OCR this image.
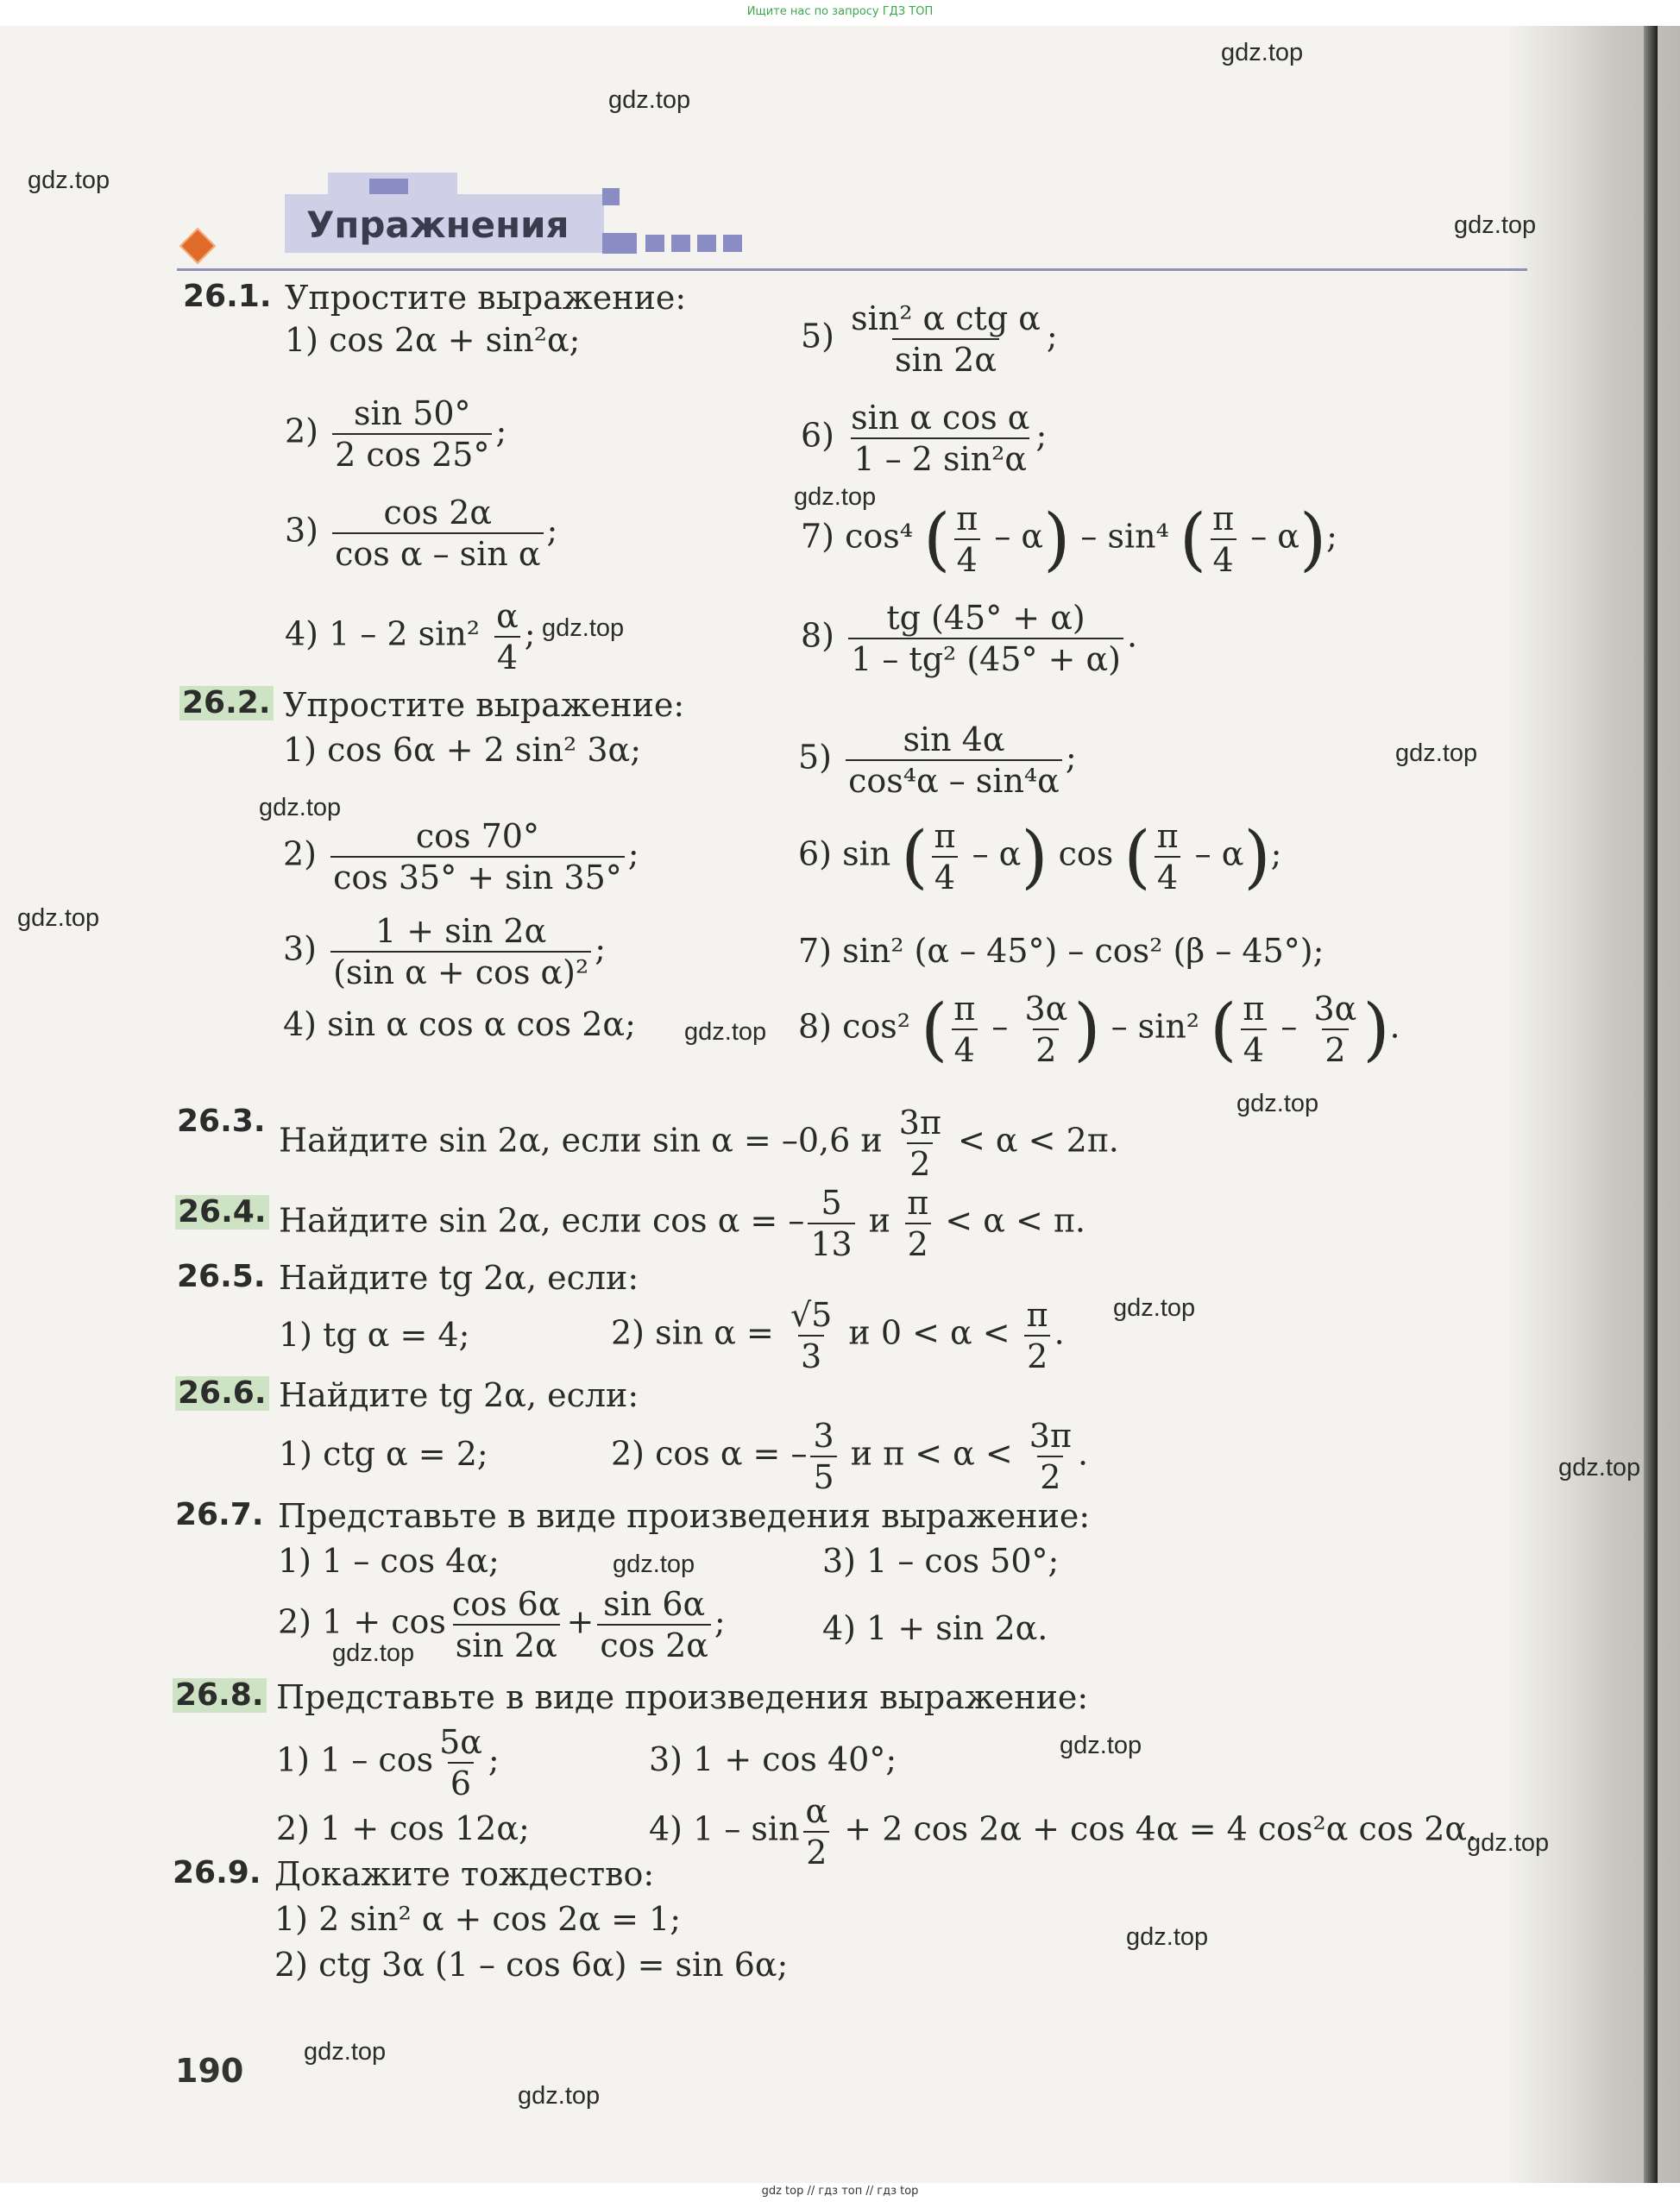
Ищите нас по запросу ГДЗ ТОП
gdz.top
gdz.top
gdz.top
gdz.top
gdz.top
gdz.top
gdz.top
gdz.top
gdz.top
gdz.top
gdz.top
gdz.top
gdz.top
gdz.top
gdz.top
gdz.top
gdz.top
gdz.top
gdz.top
gdz.top
Упражнения
26.1. Упростите выражение:
1) cos 2α + sin²α;
$2) \frac{\sin 50^\circ}{2 \cos 25^\circ}$ ;
$3) \frac{\cos 2\alpha}{\text{cos α – sin α}}$ ;
4) 1 – 2 $\sin^2 \frac{\alpha}{4}$ ;
5) sin² α ctg α
sin 2α
;
$6) \frac{\text{sin α cos α}}{\text{1 – 2 sin²α}}$ ;
7) cos⁴ ( $\frac{\pi}{4} - \alpha) - \sin^4$ ( $\frac{\pi}{4} - \alpha$);
$8) \frac{tg (45^\circ + \alpha)}{\text{1 – tg² (45° + α)}}$ .
26.2. Упростите выражение:
1) cos 6α + 2 sin² 3α;
$2) \frac{\cos 70^\circ}{\cos 35^\circ + \sin 35^\circ}$ ;
$3) \frac{1 + \sin 2\alpha}{\text{(sin α + cos α)²}}$ ;
4) sin α cos α cos 2α;
$5) \frac{\sin 4\alpha}{\text{cos⁴α – sin⁴α}}$ ;
6) sin ( $\frac{\pi}{4} - \alpha$) cos ( $\frac{\pi}{4} - \alpha$);
7) sin² (α – 45°) – cos² (β – 45°);
8) cos² ( $\frac{\pi}{4} - \frac{3\alpha}{2}$ ) – sin² ( $\frac{\pi}{4} - \frac{3\alpha}{2}$ ).
26.3. Найдите sin 2α, если sin α = –0,6 и $\frac{3\pi}{2} < \alpha < 2\pi$.
26.4. Найдите sin 2α, если cos α = – $\frac{5}{13}$ и $\frac{\pi}{2} < \alpha < \pi$.
26.5. Найдите tg 2α, если:
1) tg α = 4;	2) $\sin \alpha = \frac{√5}{3}$ и $0 < \alpha < \frac{\pi}{2}$ .
26.6. Найдите tg 2α, если:
1) ctg α = 2;	2) cos α = – $\frac{3}{5}$ и $\pi < \alpha < \frac{3\pi}{2}$ .
26.7. Представьте в виде произведения выражение:
1) 1 – cos 4α;
2) $1 + \cos \frac{\cos 6\alpha}{\sin 2\alpha} + \frac{\sin 6\alpha}{\cos 2\alpha}$ ;
3) 1 – cos 50°;
4) 1 + sin 2α.
26.8. Представьте в виде произведения выражение:
1) $1 - \cos \frac{5\alpha}{6}$ ;
2) 1 + cos 12α;
3) 1 + cos 40°;
4) $1 - \sin \frac{\alpha}{2} + 2$ cos 2α + cos 4α = 4 cos²α cos 2α.
26.9. Докажите тождество:
1) 2 sin² α + cos 2α = 1;
2) ctg 3α (1 – cos 6α) = sin 6α;
190
gdz top // гдз топ // гдз top
